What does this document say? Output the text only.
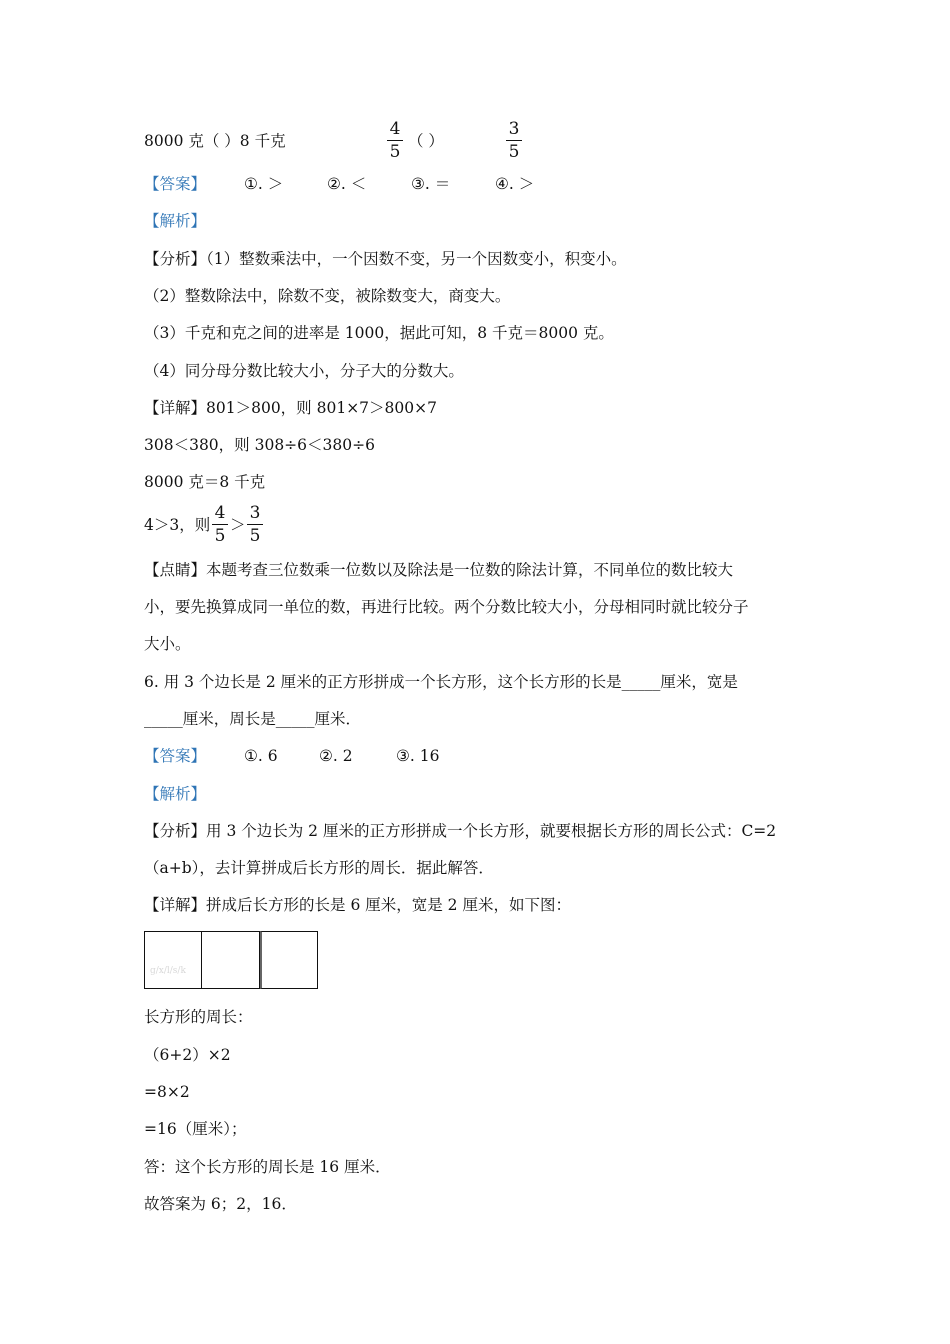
8000 克（ ）8 千克
4
5
（ ）
3
5
【答案】 ①. ＞	②. ＜	③. ＝	④. ＞
【解析】
【分析】（1）整数乘法中，一个因数不变，另一个因数变小，积变小。
（2）整数除法中，除数不变，被除数变大，商变大。
（3）千克和克之间的进率是 1000，据此可知，8 千克＝8000 克。
（4）同分母分数比较大小，分子大的分数大。
【详解】801＞800，则 801×7＞800×7
308＜380，则 308÷6＜380÷6
8000 克＝8 千克
4＞3，则
4
5
＞
3
5
【点睛】本题考查三位数乘一位数以及除法是一位数的除法计算，不同单位的数比较大
小，要先换算成同一单位的数，再进行比较。两个分数比较大小，分母相同时就比较分子
大小。
6. 用 3 个边长是 2 厘米的正方形拼成一个长方形，这个长方形的长是_____厘米，宽是
_____厘米，周长是_____厘米．
【答案】 ①. 6	②. 2	③. 16
【解析】
【分析】用 3 个边长为 2 厘米的正方形拼成一个长方形，就要根据长方形的周长公式：C=2
（a+b），去计算拼成后长方形的周长．据此解答．
【详解】拼成后长方形的长是 6 厘米，宽是 2 厘米，如下图：
g/x/l/s/k
长方形的周长：
（6+2）×2
=8×2
=16（厘米）；
答：这个长方形的周长是 16 厘米．
故答案为 6；2，16．
